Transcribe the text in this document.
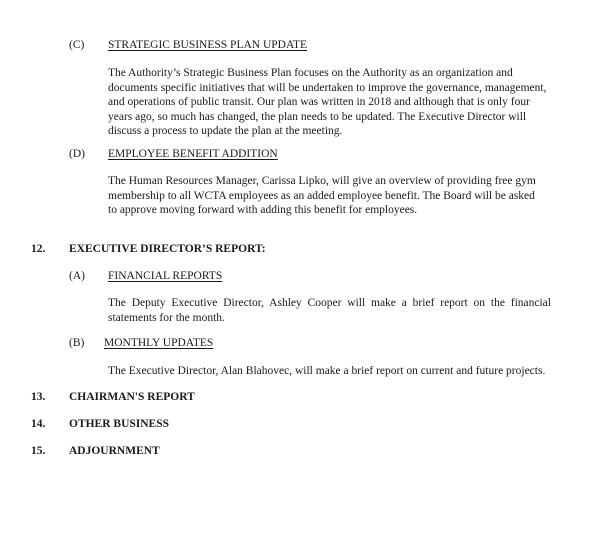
(C)	STRATEGIC BUSINESS PLAN UPDATE
The Authority’s Strategic Business Plan focuses on the Authority as an organization and documents specific initiatives that will be undertaken to improve the governance, management, and operations of public transit. Our plan was written in 2018 and although that is only four years ago, so much has changed, the plan needs to be updated. The Executive Director will discuss a process to update the plan at the meeting.
(D)	EMPLOYEE BENEFIT ADDITION
The Human Resources Manager, Carissa Lipko, will give an overview of providing free gym membership to all WCTA employees as an added employee benefit. The Board will be asked to approve moving forward with adding this benefit for employees.
12. EXECUTIVE DIRECTOR’S REPORT:
(A)	FINANCIAL REPORTS
The Deputy Executive Director, Ashley Cooper will make a brief report on the financial statements for the month.
(B)	MONTHLY UPDATES
The Executive Director, Alan Blahovec, will make a brief report on current and future projects.
13. CHAIRMAN'S REPORT
14. OTHER BUSINESS
15. ADJOURNMENT
